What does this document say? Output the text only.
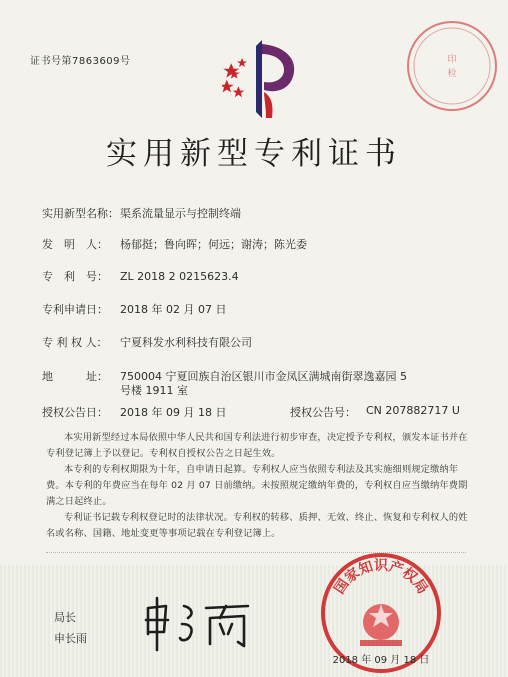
证书号第7863609号	印
检
实用新型专利证书
实用新型名称： 渠系流量显示与控制终端
发　明　人： 杨郁挺；鲁向晖；何远；谢涛；陈光委
专　利　号： ZL 2018 2 0215623.4
专利申请日： 2018 年 02 月 07 日
专 利 权 人： 宁夏科发水利科技有限公司
地　　　址： 750004 宁夏回族自治区银川市金凤区满城南街翠逸嘉园 5
号楼 1911 室
授权公告日： 2018 年 09 月 18 日	授权公告号： CN 207882717 U
本实用新型经过本局依照中华人民共和国专利法进行初步审查，决定授予专利权，颁发本证书并在专利登记簿上予以登记。专利权自授权公告之日起生效。
本专利的专利权期限为十年，自申请日起算。专利权人应当依照专利法及其实施细则规定缴纳年费。本专利的年费应当在每年 02 月 07 日前缴纳。未按照规定缴纳年费的，专利权自应当缴纳年费期满之日起终止。
专利证书记载专利权登记时的法律状况。专利权的转移、质押、无效、终止、恢复和专利权人的姓名或名称、国籍、地址变更等事项记载在专利登记簿上。
局长
申长雨
国家知识产权局
2018 年 09 月 18 日
